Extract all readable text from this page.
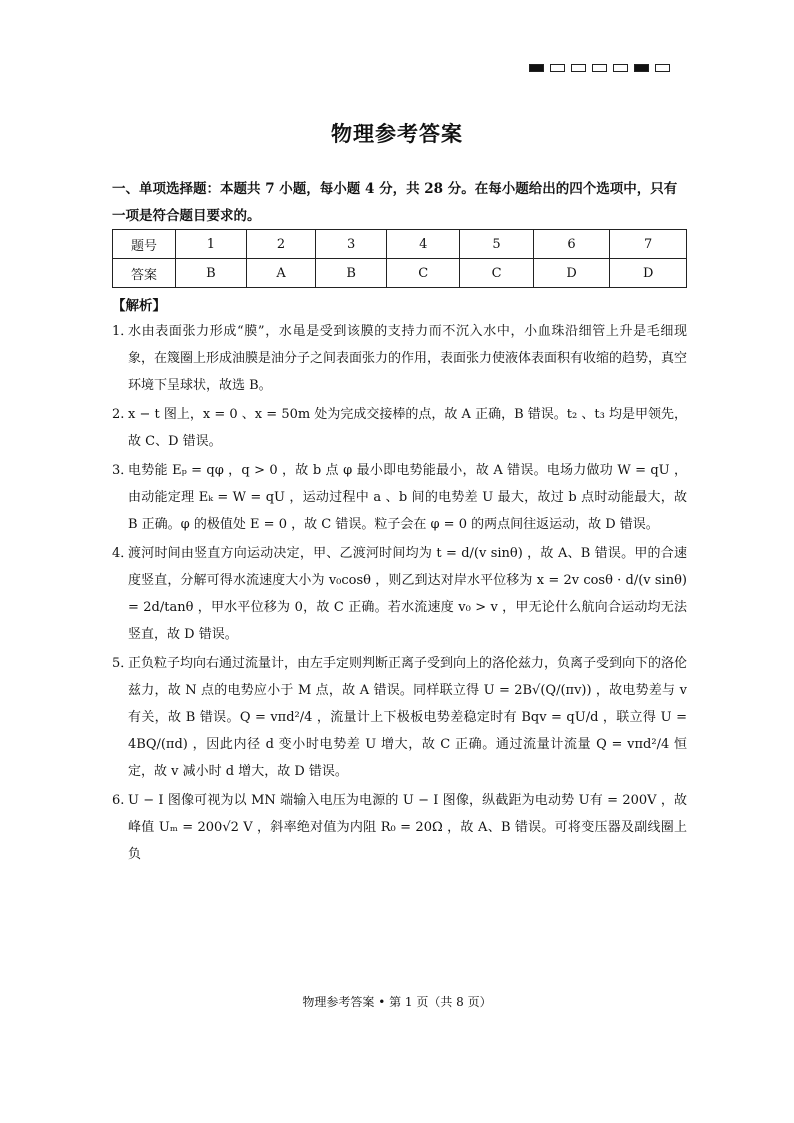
物理参考答案
一、单项选择题：本题共 7 小题，每小题 4 分，共 28 分。在每小题给出的四个选项中，只有一项是符合题目要求的。
题号	1	2	3	4	5	6	7
答案	B	A	B	C	C	D	D
【解析】
1．
水由表面张力形成“膜”，水黾是受到该膜的支持力而不沉入水中，小血珠沿细管上升是毛细现象，在篾圈上形成油膜是油分子之间表面张力的作用，表面张力使液体表面积有收缩的趋势，真空环境下呈球状，故选 B。
2. x − t 图上，x = 0 、x = 50m 处为完成交接棒的点，故 A 正确，B 错误。t₂ 、t₃ 均是甲领先，故 C、D 错误。
3．
电势能 Eₚ = qφ ，q > 0 ，故 b 点 φ 最小即电势能最小，故 A 错误。电场力做功 W = qU ，由动能定理 Eₖ = W = qU ，运动过程中 a 、b 间的电势差 U 最大，故过 b 点时动能最大，故 B 正确。φ 的极值处 E = 0 ，故 C 错误。粒子会在 φ = 0 的两点间往返运动，故 D 错误。
4．
渡河时间由竖直方向运动决定，甲、乙渡河时间均为 t = d/(v sinθ) ，故 A、B 错误。甲的合速度竖直，分解可得水流速度大小为 v₀cosθ ，则乙到达对岸水平位移为 x = 2v cosθ · d/(v sinθ) = 2d/tanθ ，甲水平位移为 0，故 C 正确。若水流速度 v₀ > v ，甲无论什么航向合运动均无法竖直，故 D 错误。
5．
正负粒子均向右通过流量计，由左手定则判断正离子受到向上的洛伦兹力，负离子受到向下的洛伦兹力，故 N 点的电势应小于 M 点，故 A 错误。同样联立得 U = 2B√(Q/(πv)) ，故电势差与 v 有关，故 B 错误。Q = vπd²/4 ，流量计上下极板电势差稳定时有 Bqv = qU/d ，联立得 U = 4BQ/(πd) ，因此内径 d 变小时电势差 U 增大，故 C 正确。通过流量计流量 Q = vπd²/4 恒定，故 v 减小时 d 增大，故 D 错误。
6. U − I 图像可视为以 MN 端输入电压为电源的 U − I 图像，纵截距为电动势 U有 = 200V ，故峰值 Uₘ = 200√2 V ，斜率绝对值为内阻 R₀ = 20Ω ，故 A、B 错误。可将变压器及副线圈上负
物理参考答案 • 第 1 页（共 8 页）
